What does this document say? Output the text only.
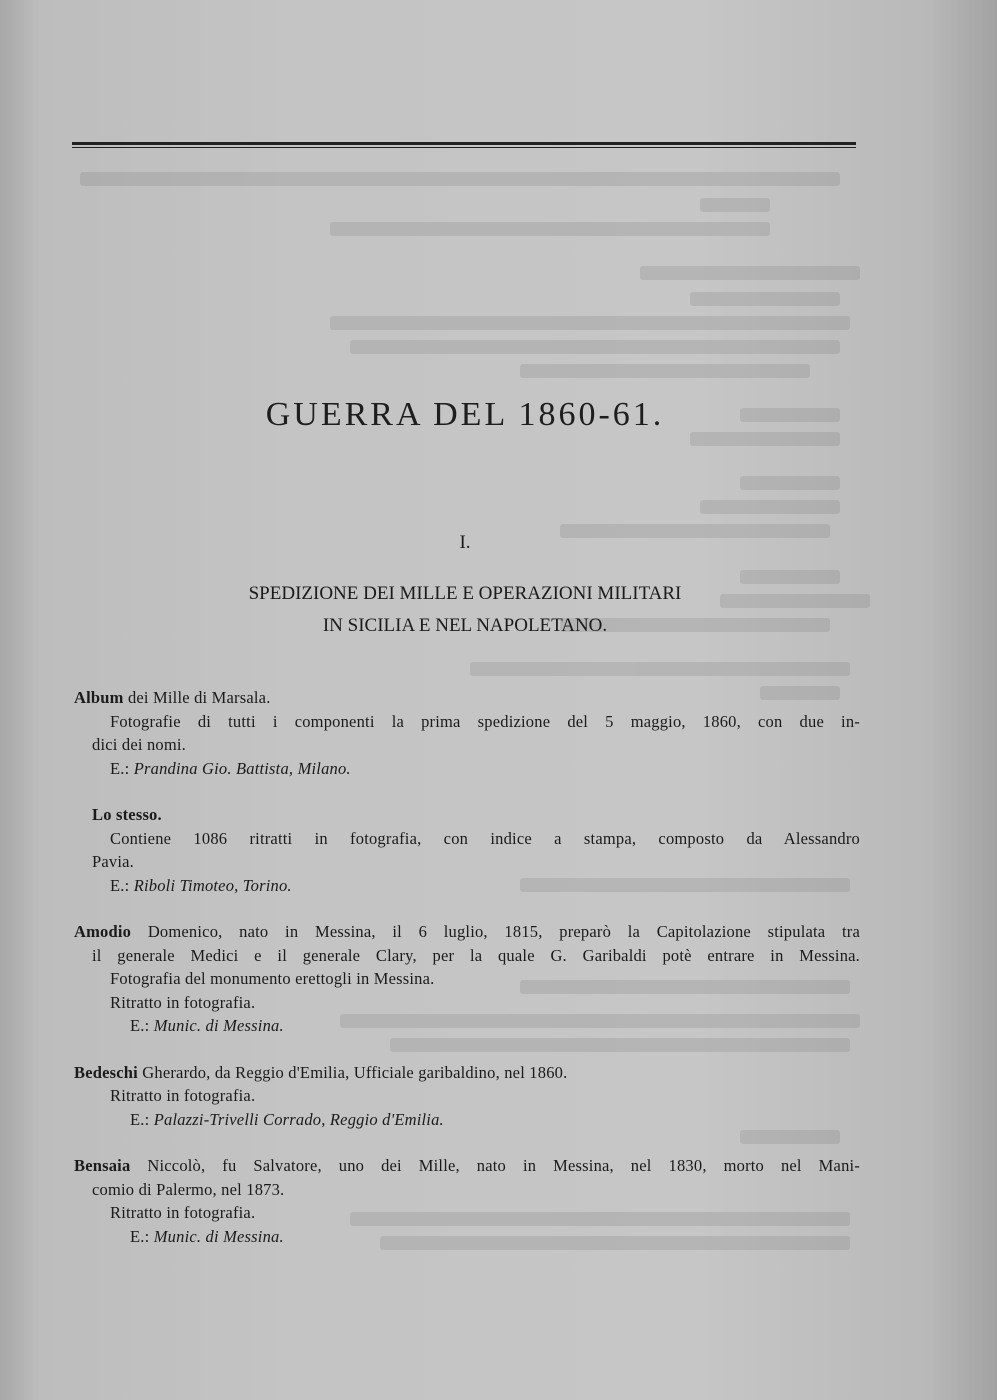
GUERRA DEL 1860-61.
I.
SPEDIZIONE DEI MILLE E OPERAZIONI MILITARI
IN SICILIA E NEL NAPOLETANO.
Album dei Mille di Marsala.
Fotografie di tutti i componenti la prima spedizione del 5 maggio, 1860, con due in-
dici dei nomi.
E.: Prandina Gio. Battista, Milano.
Lo stesso.
Contiene 1086 ritratti in fotografia, con indice a stampa, composto da Alessandro
Pavia.
E.: Riboli Timoteo, Torino.
Amodio Domenico, nato in Messina, il 6 luglio, 1815, preparò la Capitolazione stipulata tra
il generale Medici e il generale Clary, per la quale G. Garibaldi potè entrare in Messina.
Fotografia del monumento erettogli in Messina.
Ritratto in fotografia.
E.: Munic. di Messina.
Bedeschi Gherardo, da Reggio d'Emilia, Ufficiale garibaldino, nel 1860.
Ritratto in fotografia.
E.: Palazzi-Trivelli Corrado, Reggio d'Emilia.
Bensaia Niccolò, fu Salvatore, uno dei Mille, nato in Messina, nel 1830, morto nel Mani-
comio di Palermo, nel 1873.
Ritratto in fotografia.
E.: Munic. di Messina.
